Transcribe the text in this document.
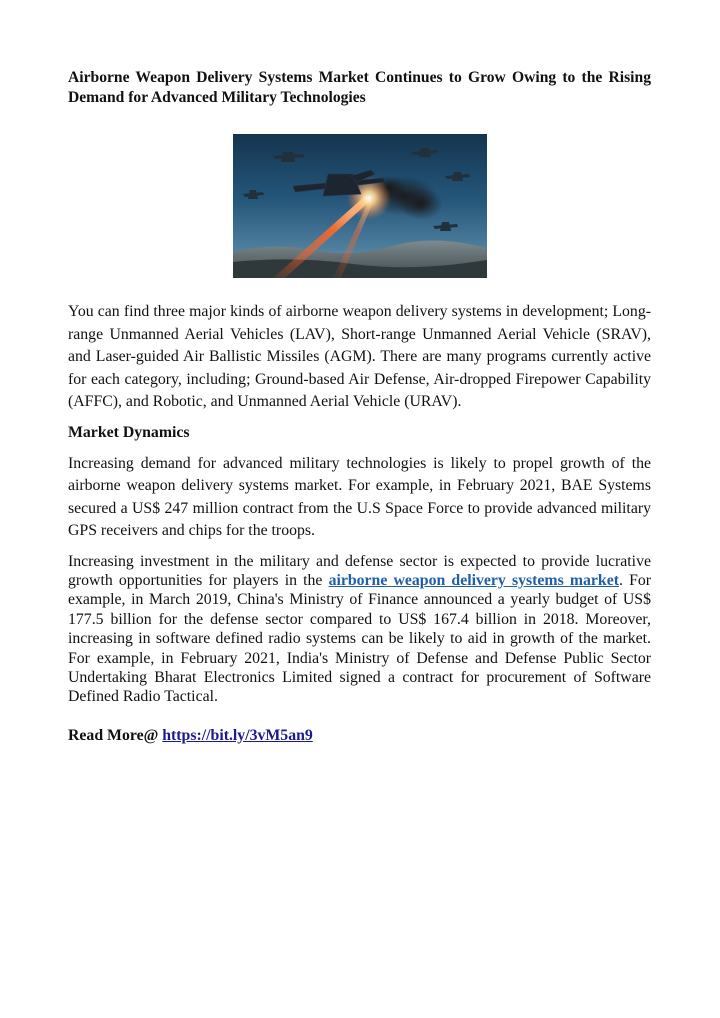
Airborne Weapon Delivery Systems Market Continues to Grow Owing to the Rising Demand for Advanced Military Technologies

You can find three major kinds of airborne weapon delivery systems in development; Long-range Unmanned Aerial Vehicles (LAV), Short-range Unmanned Aerial Vehicle (SRAV), and Laser-guided Air Ballistic Missiles (AGM). There are many programs currently active for each category, including; Ground-based Air Defense, Air-dropped Firepower Capability (AFFC), and Robotic, and Unmanned Aerial Vehicle (URAV).

Market Dynamics

Increasing demand for advanced military technologies is likely to propel growth of the airborne weapon delivery systems market. For example, in February 2021, BAE Systems secured a US$ 247 million contract from the U.S Space Force to provide advanced military GPS receivers and chips for the troops.

Increasing investment in the military and defense sector is expected to provide lucrative growth opportunities for players in the airborne weapon delivery systems market. For example, in March 2019, China's Ministry of Finance announced a yearly budget of US$ 177.5 billion for the defense sector compared to US$ 167.4 billion in 2018. Moreover, increasing in software defined radio systems can be likely to aid in growth of the market. For example, in February 2021, India's Ministry of Defense and Defense Public Sector Undertaking Bharat Electronics Limited signed a contract for procurement of Software Defined Radio Tactical.

Read More@ https://bit.ly/3vM5an9
